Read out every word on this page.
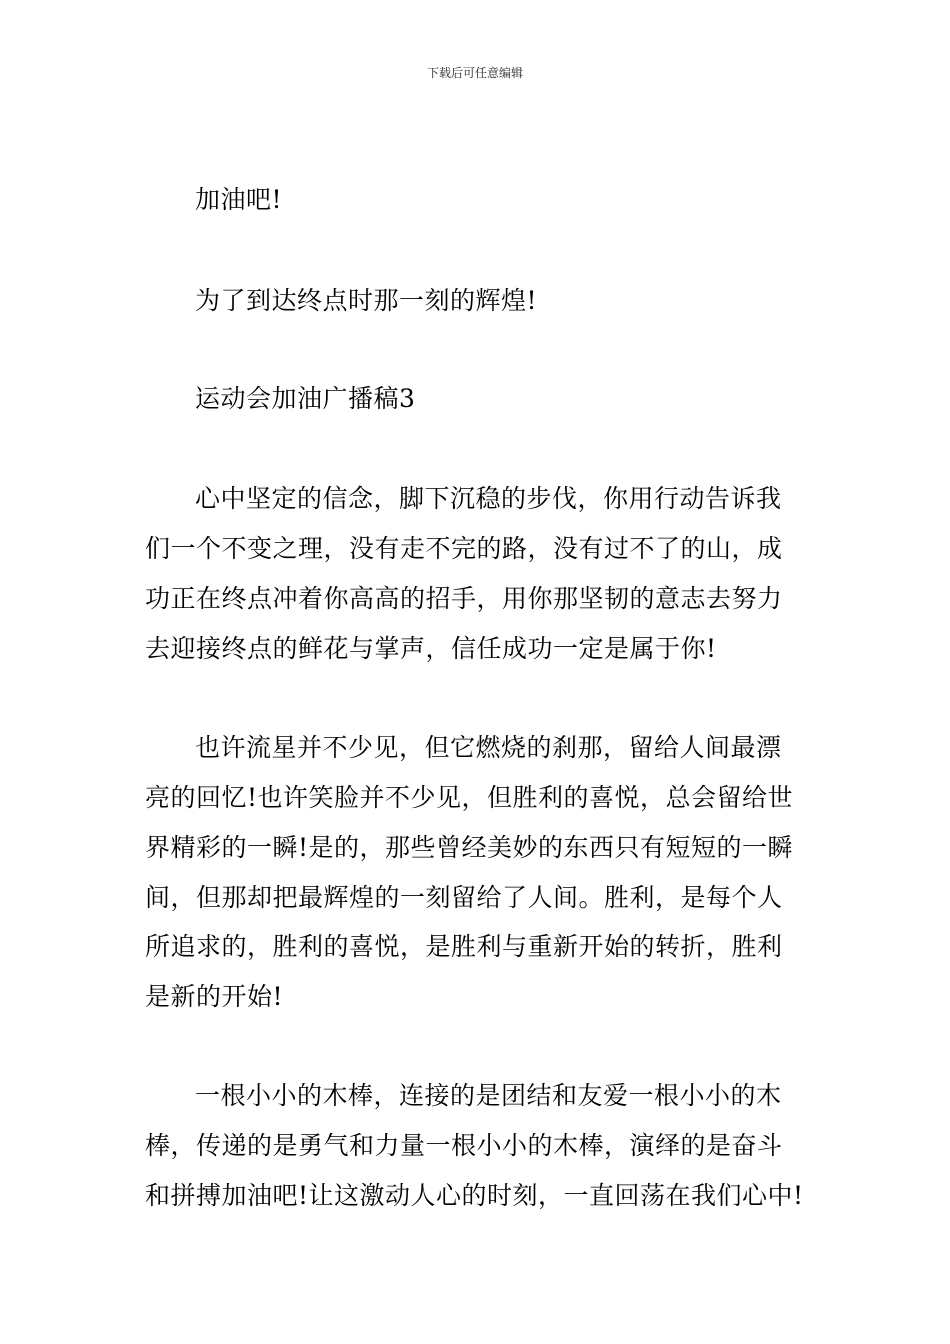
下载后可任意编辑
加油吧!
为了到达终点时那一刻的辉煌!
运动会加油广播稿3
心中坚定的信念，脚下沉稳的步伐，你用行动告诉我
们一个不变之理，没有走不完的路，没有过不了的山，成
功正在终点冲着你高高的招手，用你那坚韧的意志去努力
去迎接终点的鲜花与掌声，信任成功一定是属于你!
也许流星并不少见，但它燃烧的刹那，留给人间最漂
亮的回忆!也许笑脸并不少见，但胜利的喜悦，总会留给世
界精彩的一瞬!是的，那些曾经美妙的东西只有短短的一瞬
间，但那却把最辉煌的一刻留给了人间。胜利，是每个人
所追求的，胜利的喜悦，是胜利与重新开始的转折，胜利
是新的开始!
一根小小的木棒，连接的是团结和友爱一根小小的木
棒，传递的是勇气和力量一根小小的木棒，演绎的是奋斗
和拼搏加油吧!让这激动人心的时刻，一直回荡在我们心中!
